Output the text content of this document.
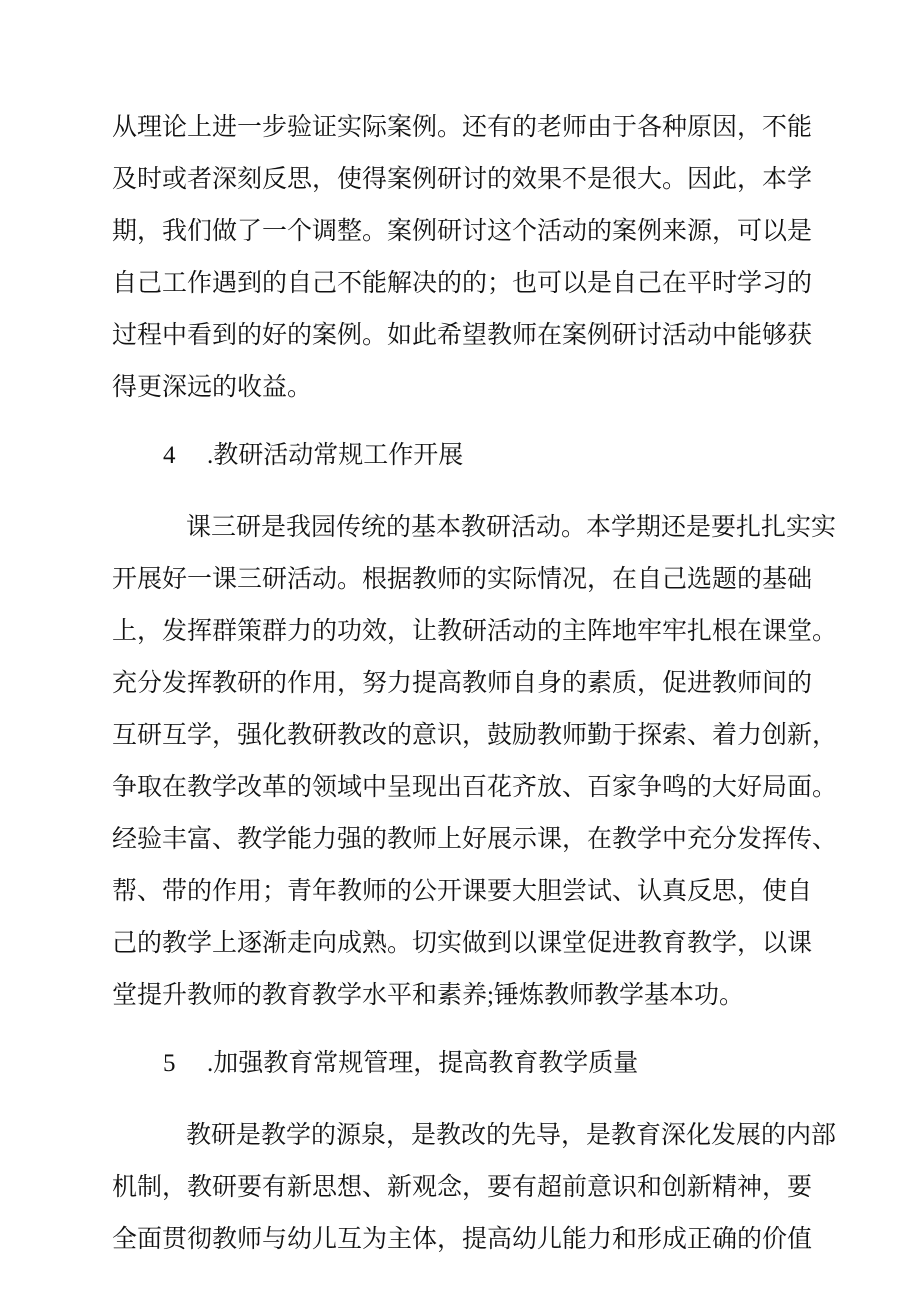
从理论上进一步验证实际案例。还有的老师由于各种原因，不能
及时或者深刻反思，使得案例研讨的效果不是很大。因此，本学
期，我们做了一个调整。案例研讨这个活动的案例来源，可以是
自己工作遇到的自己不能解决的的；也可以是自己在平时学习的
过程中看到的好的案例。如此希望教师在案例研讨活动中能够获
得更深远的收益。
4 .教研活动常规工作开展
课三研是我园传统的基本教研活动。本学期还是要扎扎实实
开展好一课三研活动。根据教师的实际情况，在自己选题的基础
上，发挥群策群力的功效，让教研活动的主阵地牢牢扎根在课堂。
充分发挥教研的作用，努力提高教师自身的素质，促进教师间的
互研互学，强化教研教改的意识，鼓励教师勤于探索、着力创新，
争取在教学改革的领域中呈现出百花齐放、百家争鸣的大好局面。
经验丰富、教学能力强的教师上好展示课，在教学中充分发挥传、
帮、带的作用；青年教师的公开课要大胆尝试、认真反思，使自
己的教学上逐渐走向成熟。切实做到以课堂促进教育教学，以课
堂提升教师的教育教学水平和素养;锤炼教师教学基本功。
5 .加强教育常规管理，提高教育教学质量
教研是教学的源泉，是教改的先导，是教育深化发展的内部
机制，教研要有新思想、新观念，要有超前意识和创新精神，要
全面贯彻教师与幼儿互为主体，提高幼儿能力和形成正确的价值
